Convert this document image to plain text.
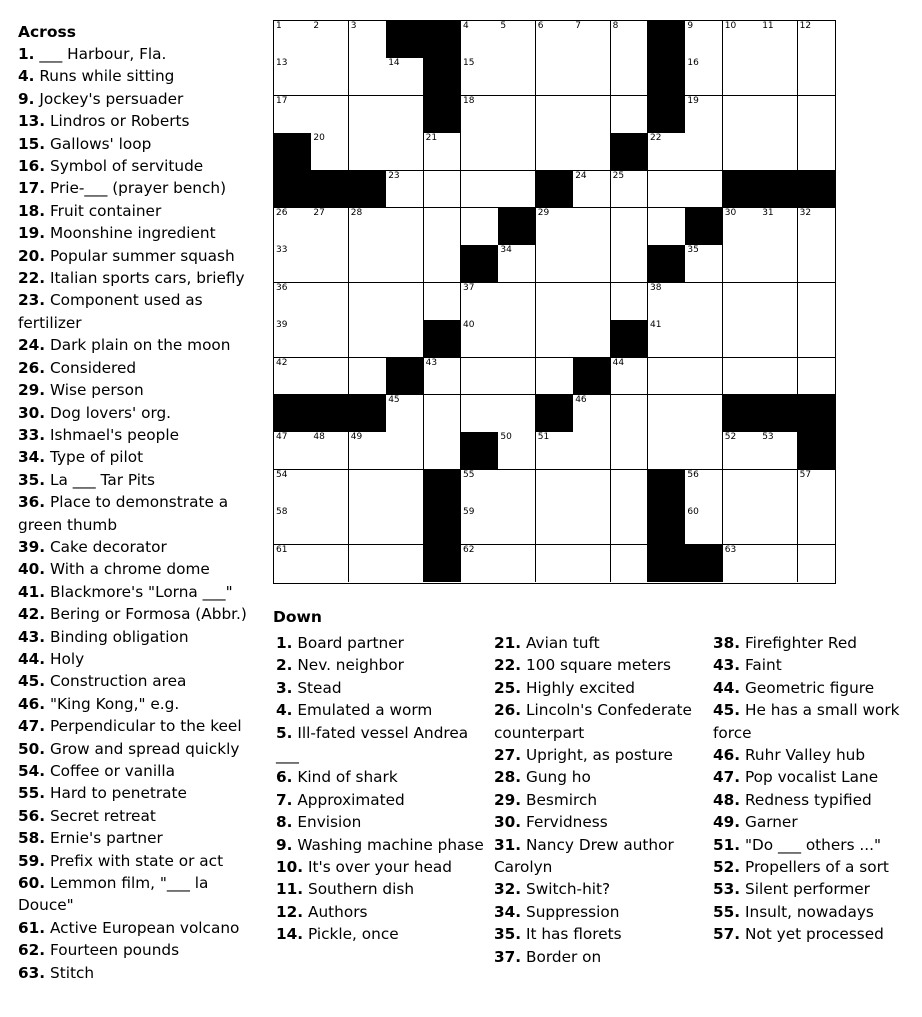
Across
1. ___ Harbour, Fla.
4. Runs while sitting
9. Jockey's persuader
13. Lindros or Roberts
15. Gallows' loop
16. Symbol of servitude
17. Prie-___ (prayer bench)
18. Fruit container
19. Moonshine ingredient
20. Popular summer squash
22. Italian sports cars, briefly
23. Component used as fertilizer
24. Dark plain on the moon
26. Considered
29. Wise person
30. Dog lovers' org.
33. Ishmael's people
34. Type of pilot
35. La ___ Tar Pits
36. Place to demonstrate a green thumb
39. Cake decorator
40. With a chrome dome
41. Blackmore's "Lorna ___"
42. Bering or Formosa (Abbr.)
43. Binding obligation
44. Holy
45. Construction area
46. "King Kong," e.g.
47. Perpendicular to the keel
50. Grow and spread quickly
54. Coffee or vanilla
55. Hard to penetrate
56. Secret retreat
58. Ernie's partner
59. Prefix with state or act
60. Lemmon film, "___ la Douce"
61. Active European volcano
62. Fourteen pounds
63. Stitch
1	2	3	4	5	6	7	8	9	10	11	12
13	14	15	16
17	18	19
20	21	22
23	24	25
26	27	28	29	30	31	32
33	34	35
36	37	38
39	40	41
42	43	44
45	46
47	48	49	50	51	52	53
54	55	56	57
58	59	60
61	62	63
Down
1. Board partner
2. Nev. neighbor
3. Stead
4. Emulated a worm
5. Ill-fated vessel Andrea ___
6. Kind of shark
7. Approximated
8. Envision
9. Washing machine phase
10. It's over your head
11. Southern dish
12. Authors
14. Pickle, once
21. Avian tuft
22. 100 square meters
25. Highly excited
26. Lincoln's Confederate counterpart
27. Upright, as posture
28. Gung ho
29. Besmirch
30. Fervidness
31. Nancy Drew author Carolyn
32. Switch-hit?
34. Suppression
35. It has florets
37. Border on
38. Firefighter Red
43. Faint
44. Geometric figure
45. He has a small work force
46. Ruhr Valley hub
47. Pop vocalist Lane
48. Redness typified
49. Garner
51. "Do ___ others ..."
52. Propellers of a sort
53. Silent performer
55. Insult, nowadays
57. Not yet processed
